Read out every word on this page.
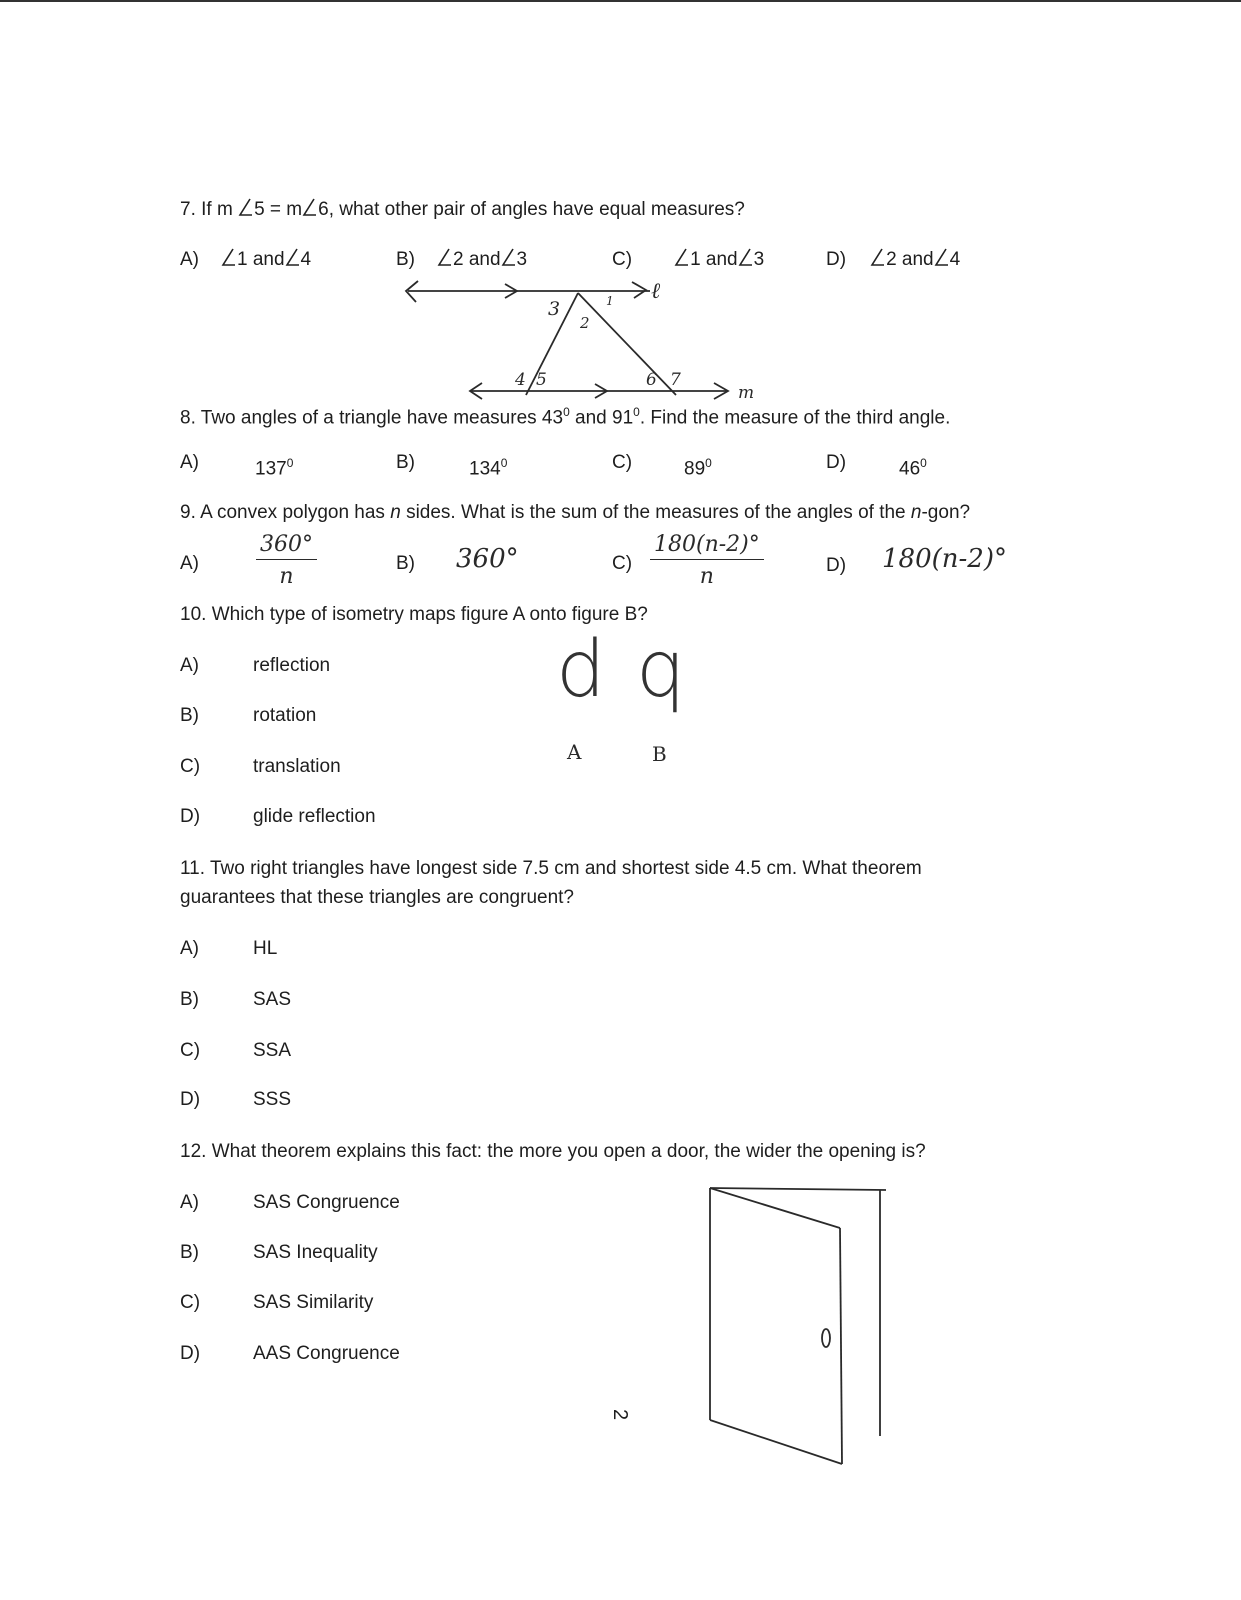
7. If m 5 = m 6, what other pair of angles have equal measures?
A) 1 and 4	B) 2 and 3	C)	1 and 3	D) 2 and 4
3
2
1
4 5	6 7
ℓ
m
8. Two angles of a triangle have measures $43^0$ and $91^0$. Find the measure of the third angle.
A)	$137^0$	B)	$134^0$	C)	$89^0$	D)	$46^0$
9. A convex polygon has n sides. What is the sum of the measures of the angles of the n-gon?
A)	$\frac{360^\circ}{n}$	B) 360°	$C) \frac{180(n-2)^\circ}{n}$	D) 180(n-2)°
10. Which type of isometry maps figure A onto figure B?
A)	reflection
B)	rotation
C)	translation
D)	glide reflection
d q
A	B
11. Two right triangles have longest side 7.5 cm and shortest side 4.5 cm. What theorem
guarantees that these triangles are congruent?
A)	HL
B)	SAS
C)	SSA
D)	SSS
12. What theorem explains this fact: the more you open a door, the wider the opening is?
A)	SAS Congruence
B)	SAS Inequality
C)	SAS Similarity
D)	AAS Congruence
2
